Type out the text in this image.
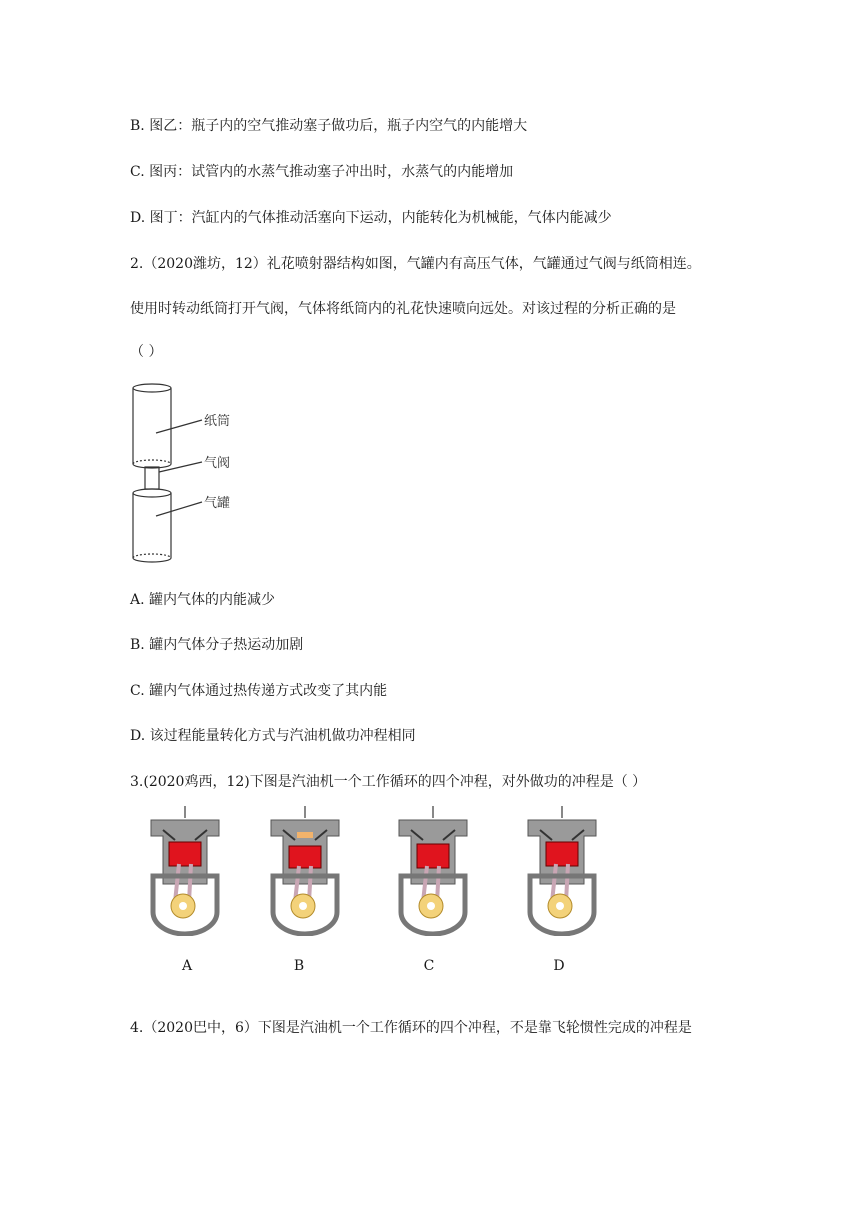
B. 图乙：瓶子内的空气推动塞子做功后，瓶子内空气的内能增大
C. 图丙：试管内的水蒸气推动塞子冲出时，水蒸气的内能增加
D. 图丁：汽缸内的气体推动活塞向下运动，内能转化为机械能，气体内能减少
2.（2020潍坊，12）礼花喷射器结构如图，气罐内有高压气体，气罐通过气阀与纸筒相连。
使用时转动纸筒打开气阀，气体将纸筒内的礼花快速喷向远处。对该过程的分析正确的是
（ ）
纸筒
气阀
气罐
A. 罐内气体的内能减少
B. 罐内气体分子热运动加剧
C. 罐内气体通过热传递方式改变了其内能
D. 该过程能量转化方式与汽油机做功冲程相同
3.(2020鸡西，12)下图是汽油机一个工作循环的四个冲程，对外做功的冲程是（ ）
A	B	C	D
4.（2020巴中，6）下图是汽油机一个工作循环的四个冲程，不是靠飞轮惯性完成的冲程是
